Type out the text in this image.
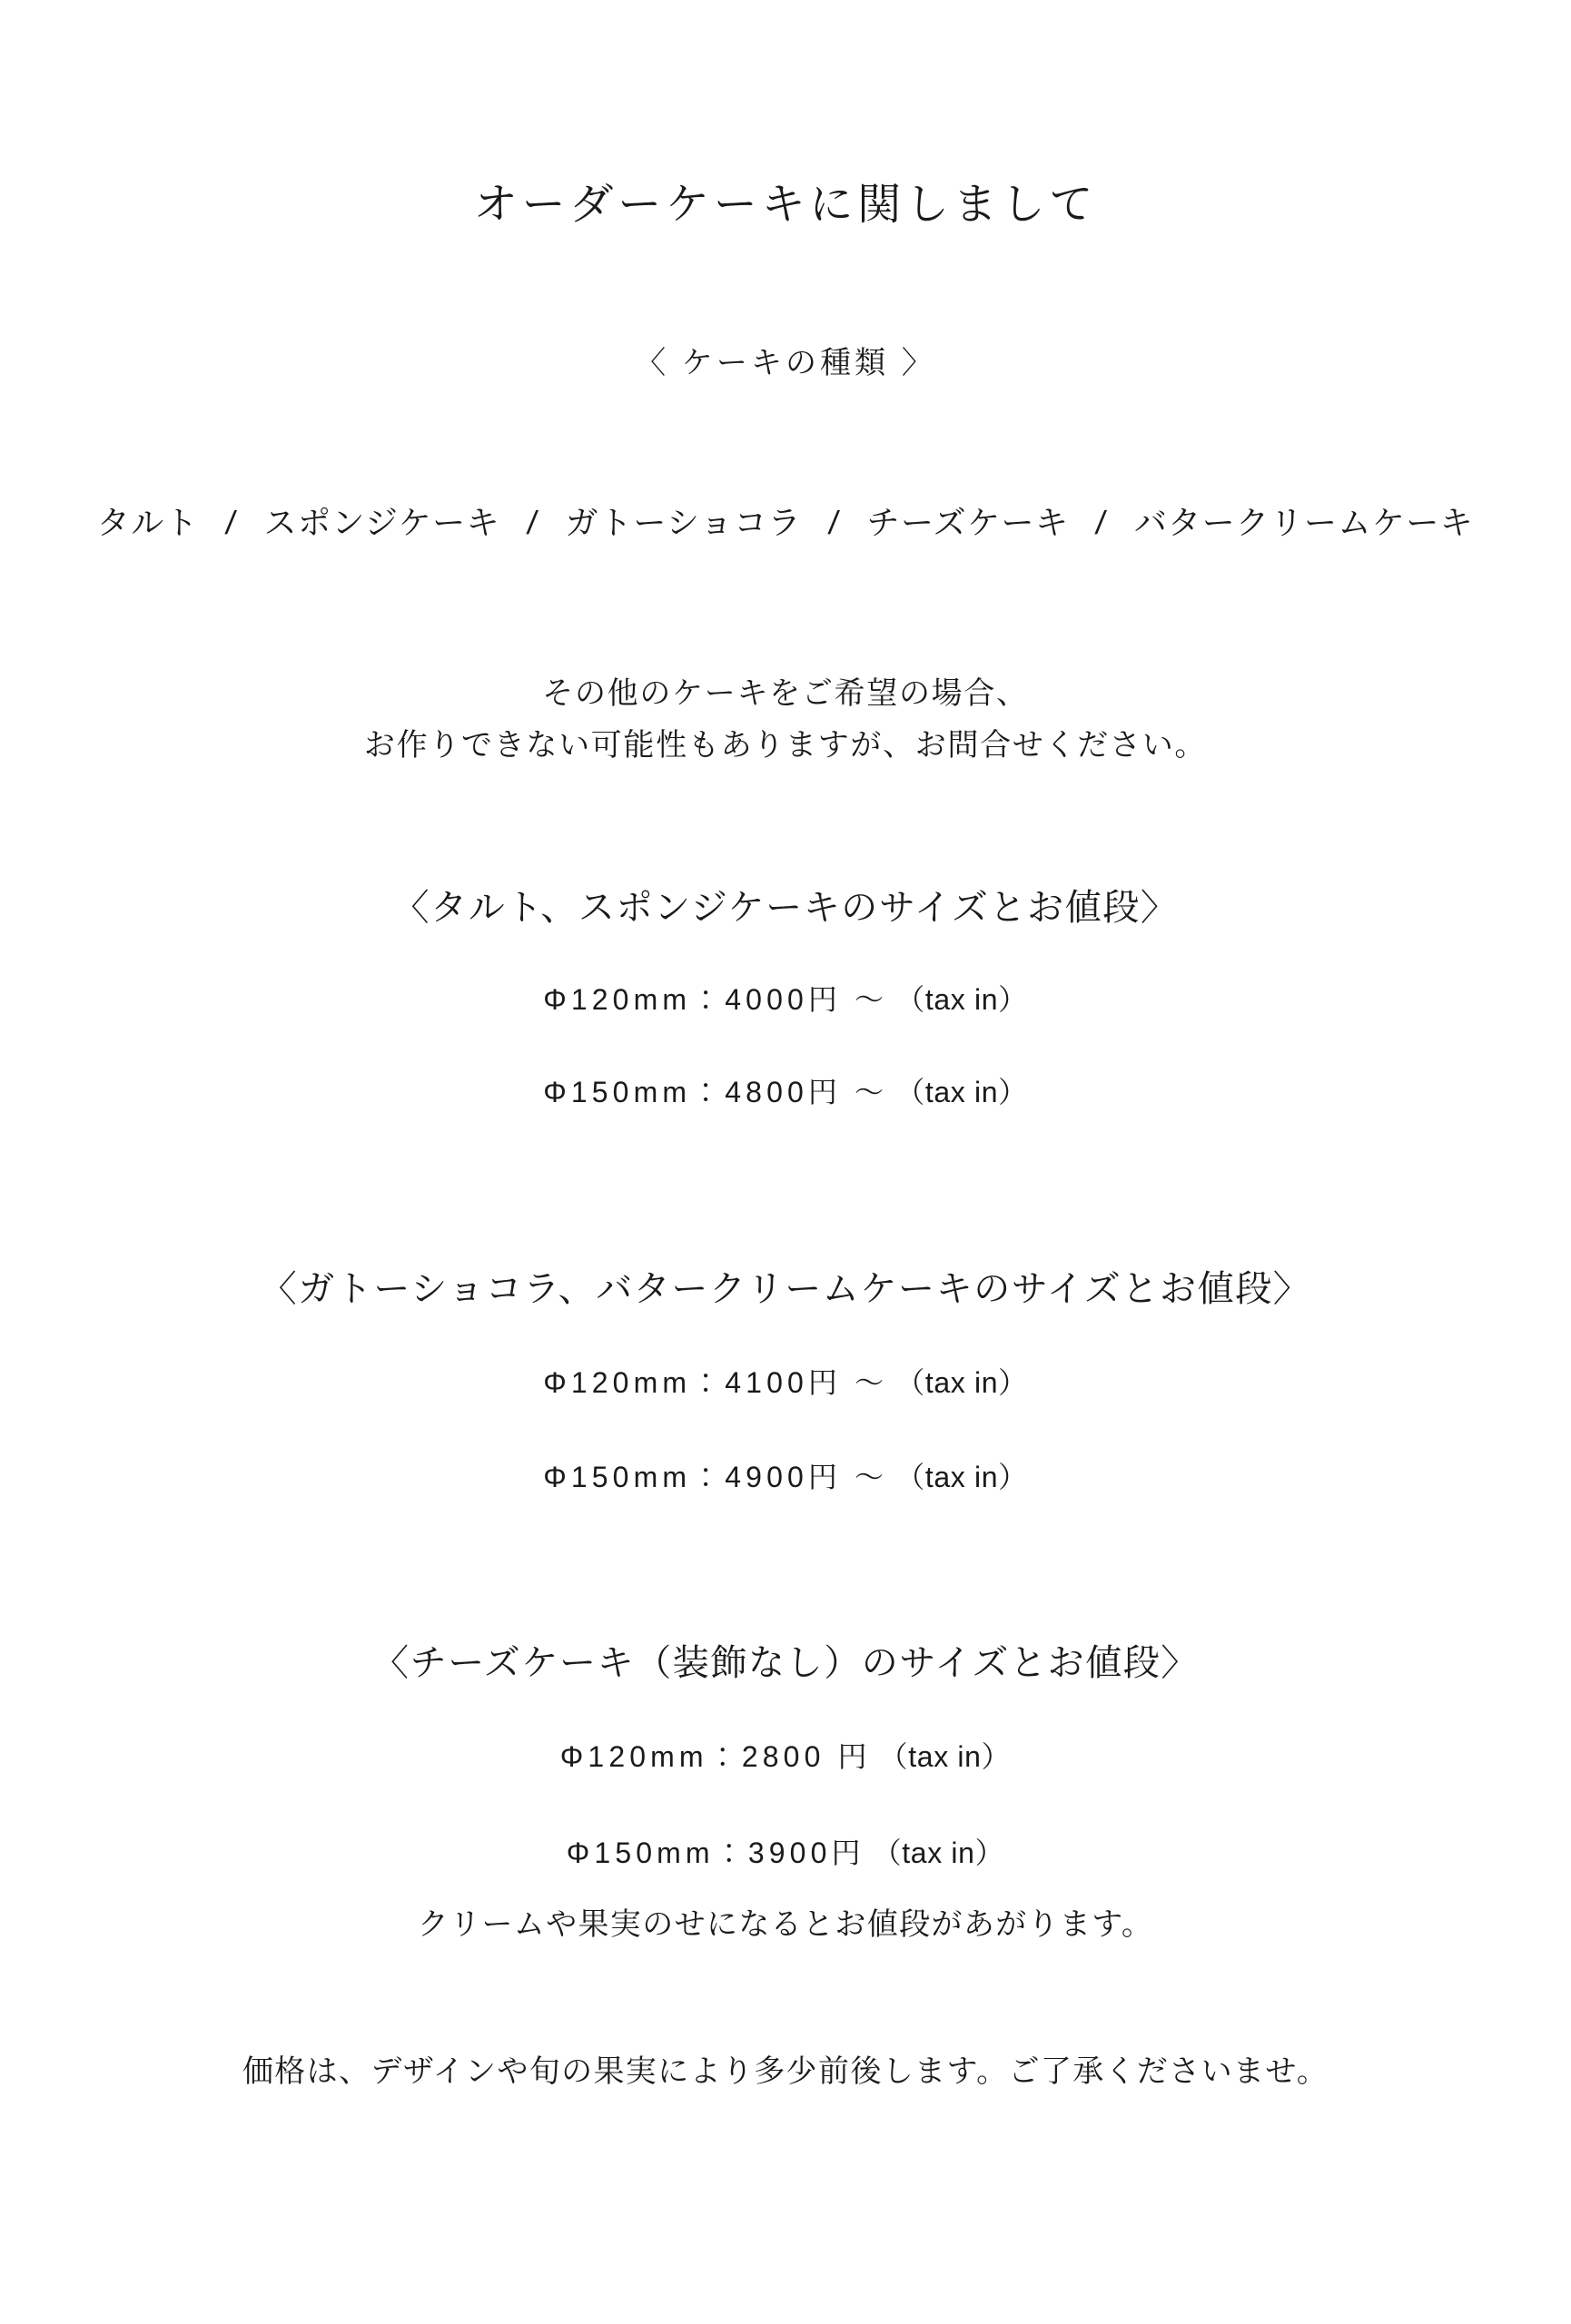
オーダーケーキに関しまして
〈 ケーキの種類 〉
タルト / スポンジケーキ / ガトーショコラ / チーズケーキ / バタークリームケーキ
その他のケーキをご希望の場合、
お作りできない可能性もありますが、お問合せください。
〈タルト、スポンジケーキのサイズとお値段〉
Φ120mm：4000円 ～ （tax in）
Φ150mm：4800円 ～ （tax in）
〈ガトーショコラ、バタークリームケーキのサイズとお値段〉
Φ120mm：4100円 ～ （tax in）
Φ150mm：4900円 ～ （tax in）
〈チーズケーキ（装飾なし）のサイズとお値段〉
Φ120mm：2800 円 （tax in）
Φ150mm：3900円 （tax in）
クリームや果実のせになるとお値段があがります。
価格は、デザインや旬の果実により多少前後します。ご了承くださいませ。
